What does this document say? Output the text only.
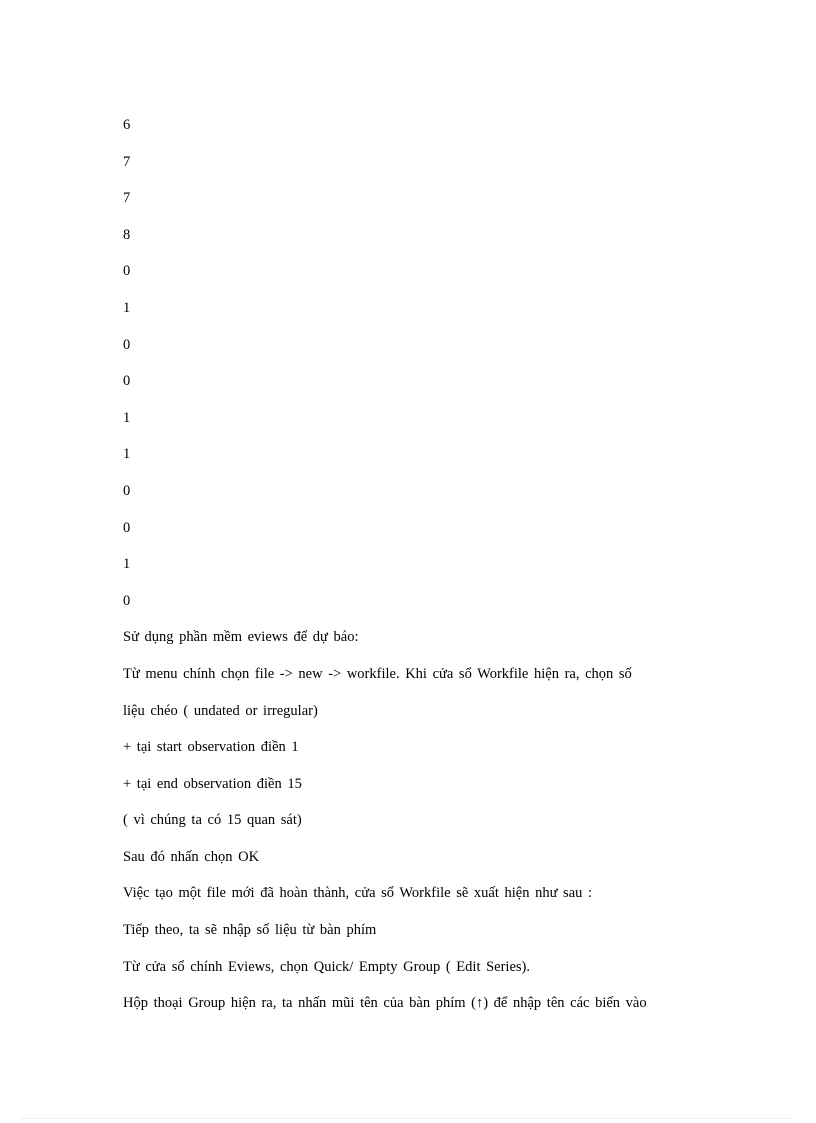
6
7
7
8
0
1
0
0
1
1
0
0
1
0
Sử dụng phần mềm eviews để dự báo:
Từ menu chính chọn file -> new -> workfile. Khi cửa sổ Workfile hiện ra, chọn số
liệu chéo ( undated or irregular)
+ tại start observation điền 1
+ tại end observation điền 15
( vì chúng ta có 15 quan sát)
Sau đó nhấn chọn OK
Việc tạo một file mới đã hoàn thành, cửa sổ Workfile sẽ xuất hiện như sau :
Tiếp theo, ta sẽ nhập số liệu từ bàn phím
Từ cửa sổ chính Eviews, chọn Quick/ Empty Group ( Edit Series).
Hộp thoại Group hiện ra, ta nhấn mũi tên của bàn phím (↑) để nhập tên các biến vào
